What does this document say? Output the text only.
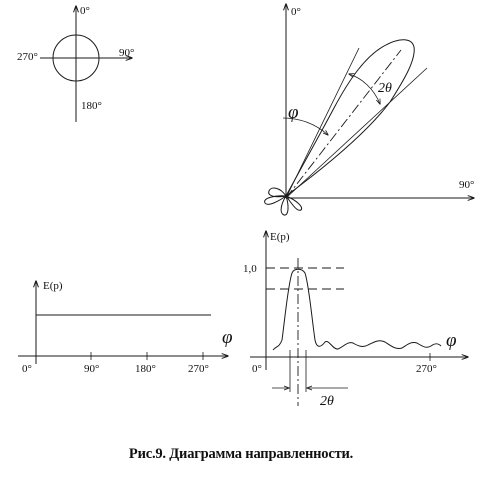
0°
90°
180°
270°
0°
90°
φ
2θ
E(p)
0°	90°	180°	270°
φ
E(p)
1,0
2θ
0°	270°
φ
Рис.9. Диаграмма направленности.
